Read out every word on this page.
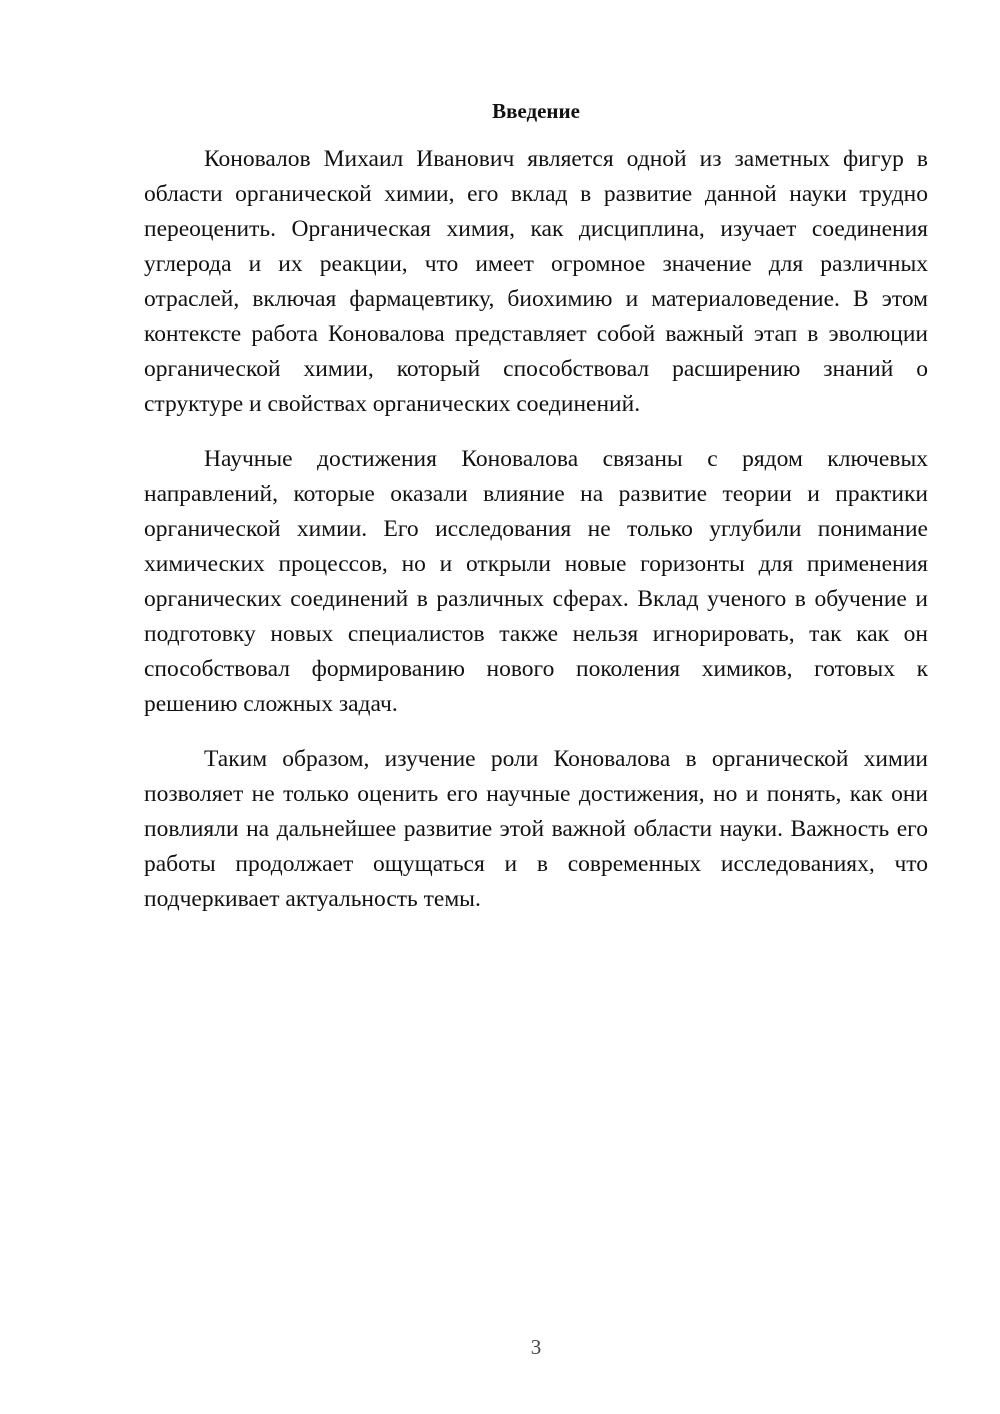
Введение

Коновалов Михаил Иванович является одной из заметных фигур в области органической химии, его вклад в развитие данной науки трудно переоценить. Органическая химия, как дисциплина, изучает соединения углерода и их реакции, что имеет огромное значение для различных отраслей, включая фармацевтику, биохимию и материаловедение. В этом контексте работа Коновалова представляет собой важный этап в эволюции органической химии, который способствовал расширению знаний о структуре и свойствах органических соединений.

Научные достижения Коновалова связаны с рядом ключевых направлений, которые оказали влияние на развитие теории и практики органической химии. Его исследования не только углубили понимание химических процессов, но и открыли новые горизонты для применения органических соединений в различных сферах. Вклад ученого в обучение и подготовку новых специалистов также нельзя игнорировать, так как он способствовал формированию нового поколения химиков, готовых к решению сложных задач.

Таким образом, изучение роли Коновалова в органической химии позволяет не только оценить его научные достижения, но и понять, как они повлияли на дальнейшее развитие этой важной области науки. Важность его работы продолжает ощущаться и в современных исследованиях, что подчеркивает актуальность темы.

3
